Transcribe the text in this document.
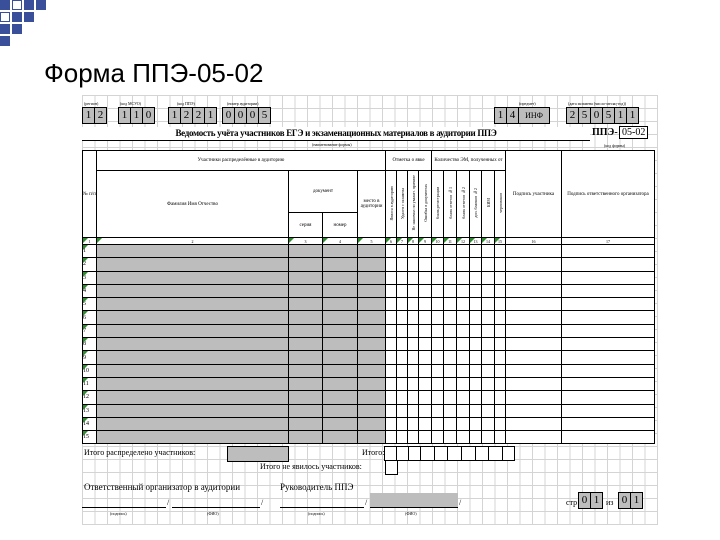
Форма ППЭ-05-02
(регион)
1 2
(код МСУО)
1 1 0
(код ППЭ)
1 2 2 1
(номер аудитории)
0 0 0 5
(предмет)
1 4	ИНФ
(дата экзамена (число-месяц-год))
2 5 0 5 1 1
Ведомость учёта участников ЕГЭ и экзаменационных материалов в аудитории ППЭ
(наименование формы)
ППЭ- 05-02
(код формы)
№ п/п	Участники распределённые в аудиторию				Отметка о явке				Количество ЭМ, полученных от						Подпись участника	Подпись ответственного организатора
	Фамилия Имя Отчество	документ		место в аудитории	Явился в аудиторию	Удален с экзамена	Не закончил по уважит. причине	Ошибка в документах	бланк регистрации	бланк ответов №1	бланк ответов №2	доп. бланков №2	КИМ	черновиков		
		серия	номер													
1	2	3	4	5	6	7	8	9	10	11	12	13	14	15	16	17
1																
2																
3																
4																
5																
6																
7																
8																
9																
10																
11																
12																
13																
14																
15																
Итого распределено участников:	Итого:
Итого не явилось участников:
Ответственный организатор в аудитории	Руководитель ППЭ
/	/	/	/
(подпись)	(ФИО)	(подпись)	(ФИО)
стр 0 1 из 0 1
